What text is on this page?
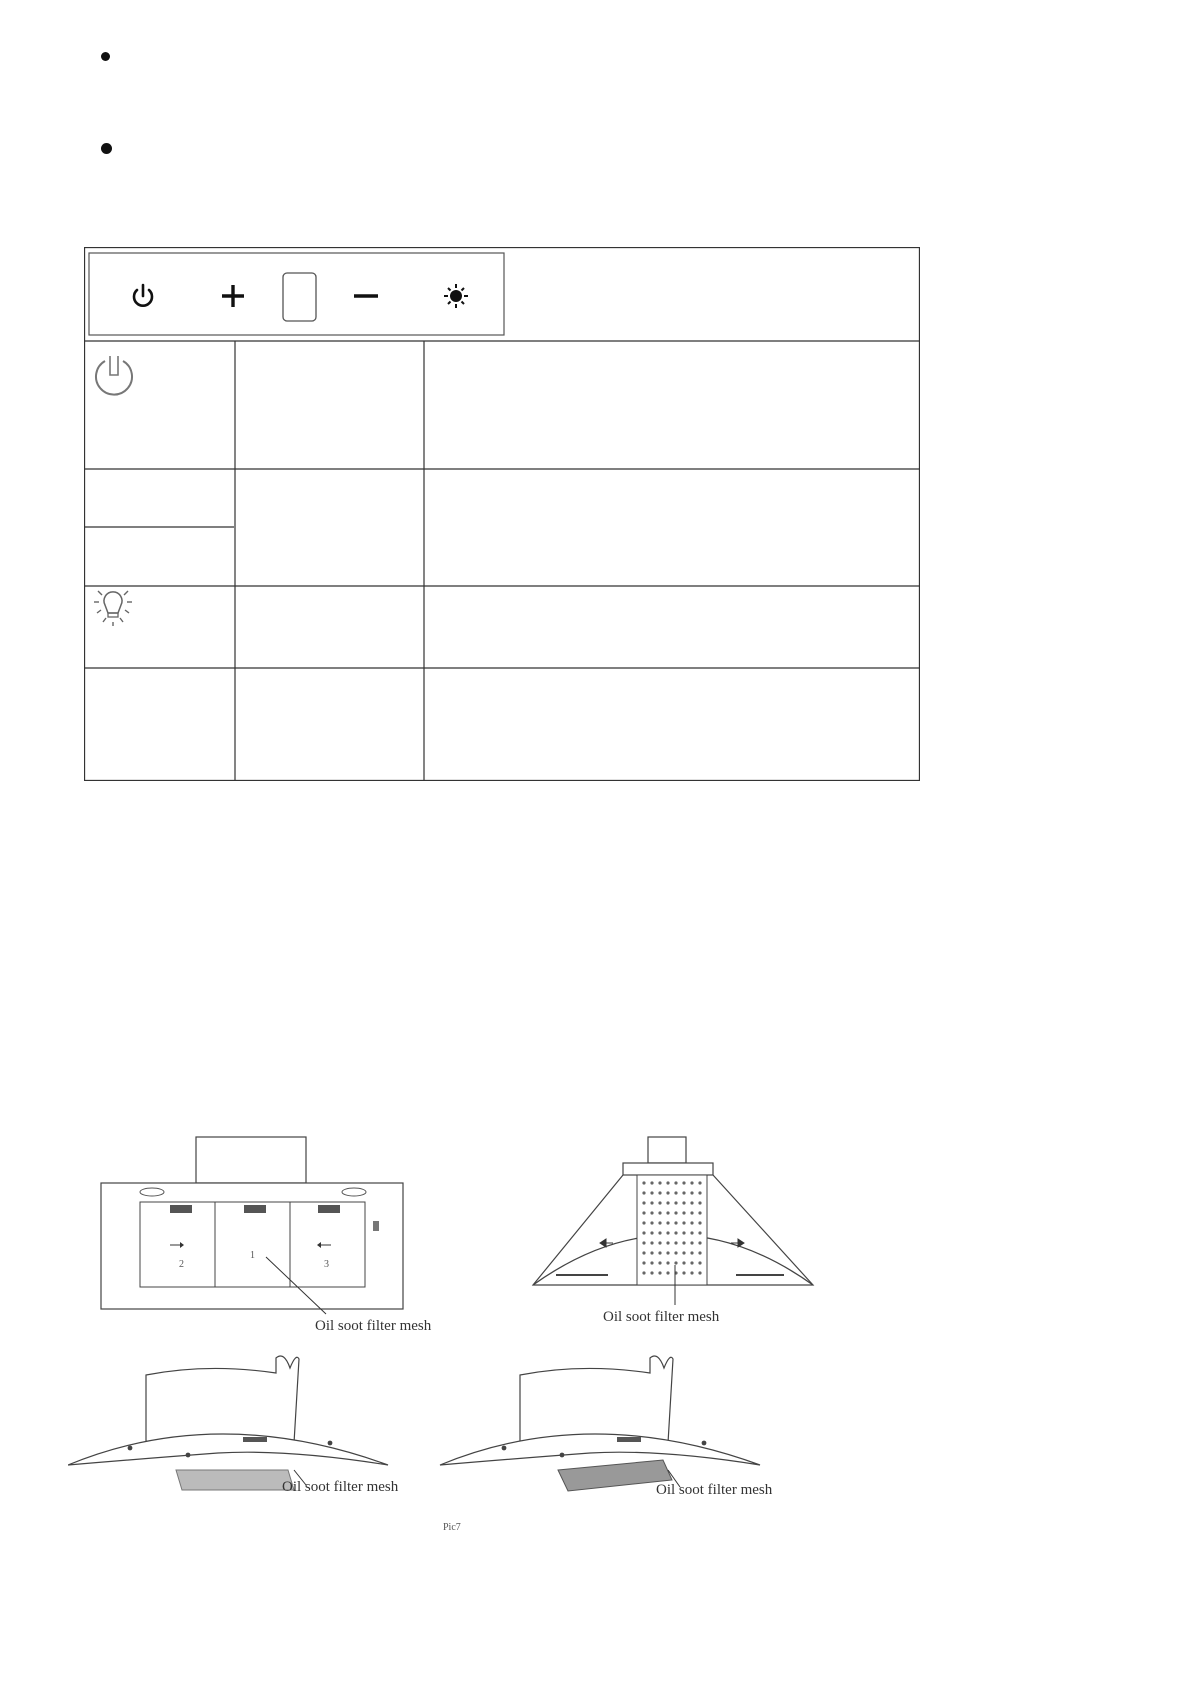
2
1
3
Oil soot filter mesh
Oil soot filter mesh
Oil soot filter mesh	Oil soot filter mesh
Pic7
